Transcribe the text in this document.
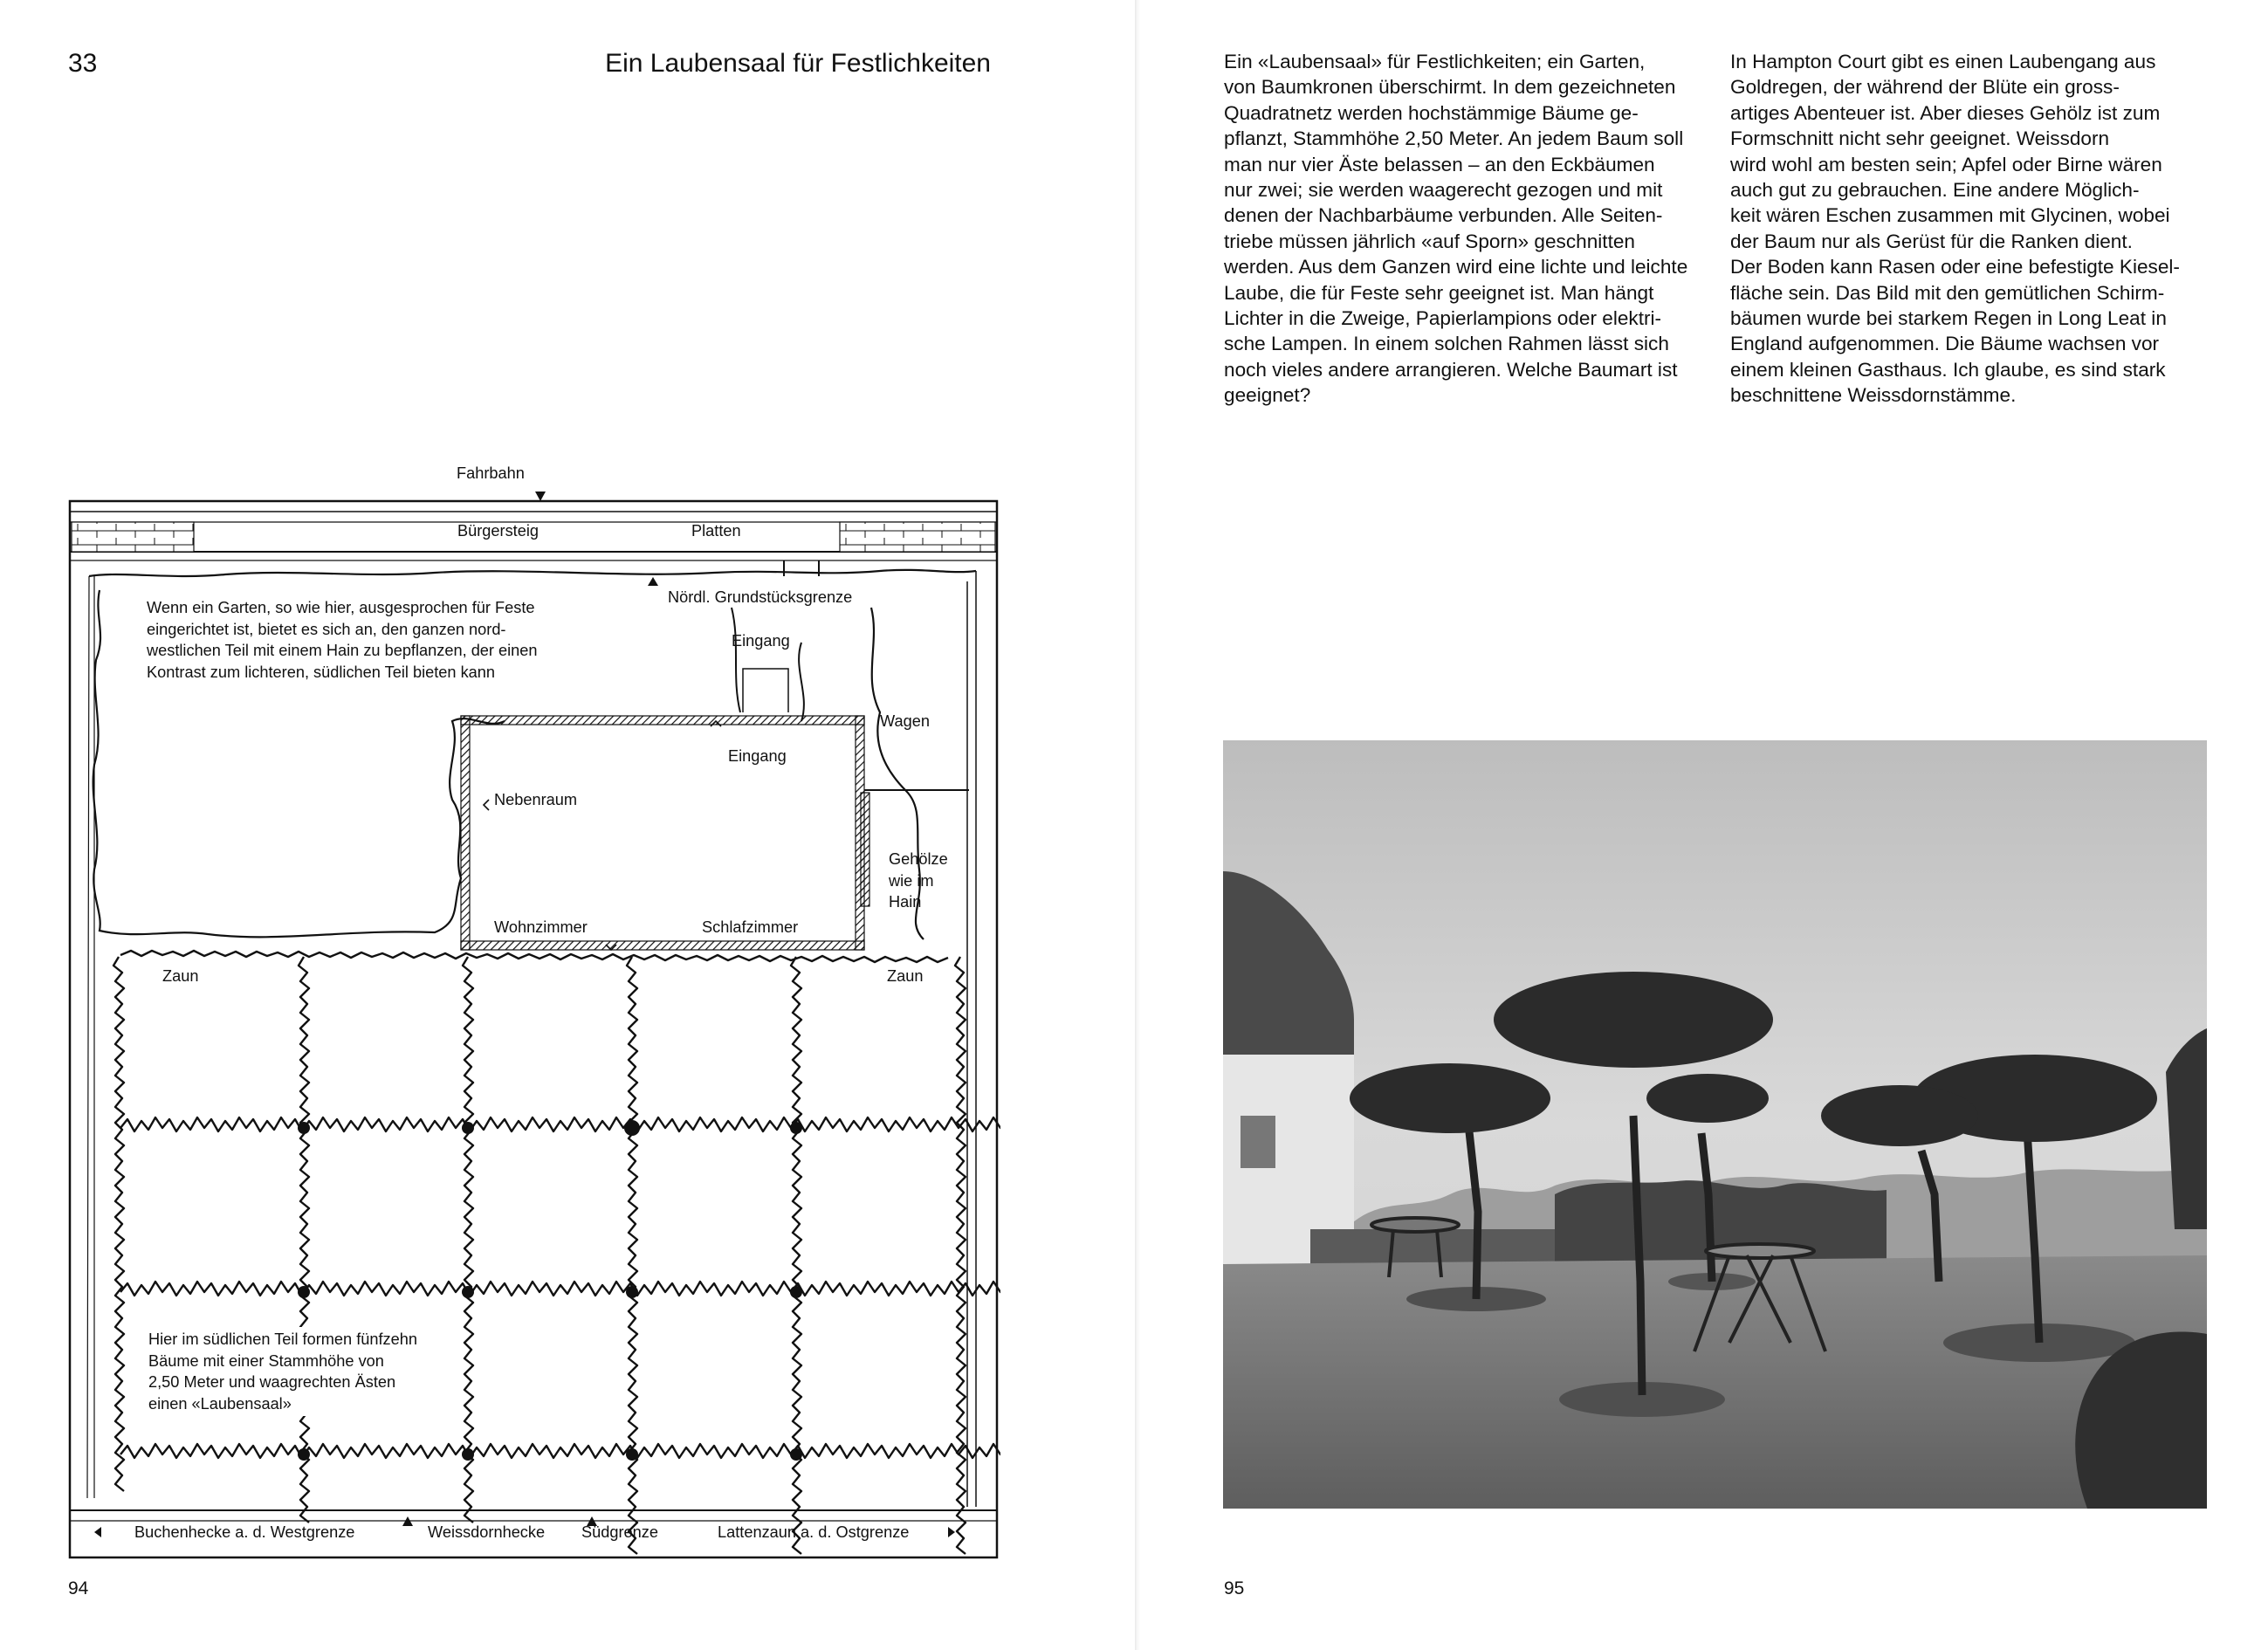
33	Ein Laubensaal für Festlichkeiten
Fahrbahn
Bürgersteig	Platten
Nördl. Grundstücksgrenze
Eingang
Wagen
Eingang
Nebenraum
Gehölze
wie im
Hain
Wohnzimmer	Schlafzimmer
Zaun	Zaun
Wenn ein Garten, so wie hier, ausgesprochen für Feste
eingerichtet ist, bietet es sich an, den ganzen nord-
westlichen Teil mit einem Hain zu bepflanzen, der einen
Kontrast zum lichteren, südlichen Teil bieten kann
Hier im südlichen Teil formen fünfzehn
Bäume mit einer Stammhöhe von
2,50 Meter und waagrechten Ästen
einen «Laubensaal»
Buchenhecke a. d. Westgrenze	Weissdornhecke Südgrenze	Lattenzaun a. d. Ostgrenze
94
Ein «Laubensaal» für Festlichkeiten; ein Garten,
von Baumkronen überschirmt. In dem gezeichneten
Quadratnetz werden hochstämmige Bäume ge-
pflanzt, Stammhöhe 2,50 Meter. An jedem Baum soll
man nur vier Äste belassen – an den Eckbäumen
nur zwei; sie werden waagerecht gezogen und mit
denen der Nachbarbäume verbunden. Alle Seiten-
triebe müssen jährlich «auf Sporn» geschnitten
werden. Aus dem Ganzen wird eine lichte und leichte
Laube, die für Feste sehr geeignet ist. Man hängt
Lichter in die Zweige, Papierlampions oder elektri-
sche Lampen. In einem solchen Rahmen lässt sich
noch vieles andere arrangieren. Welche Baumart ist
geeignet?
In Hampton Court gibt es einen Laubengang aus
Goldregen, der während der Blüte ein gross-
artiges Abenteuer ist. Aber dieses Gehölz ist zum
Formschnitt nicht sehr geeignet. Weissdorn
wird wohl am besten sein; Apfel oder Birne wären
auch gut zu gebrauchen. Eine andere Möglich-
keit wären Eschen zusammen mit Glycinen, wobei
der Baum nur als Gerüst für die Ranken dient.
Der Boden kann Rasen oder eine befestigte Kiesel-
fläche sein. Das Bild mit den gemütlichen Schirm-
bäumen wurde bei starkem Regen in Long Leat in
England aufgenommen. Die Bäume wachsen vor
einem kleinen Gasthaus. Ich glaube, es sind stark
beschnittene Weissdornstämme.
95
